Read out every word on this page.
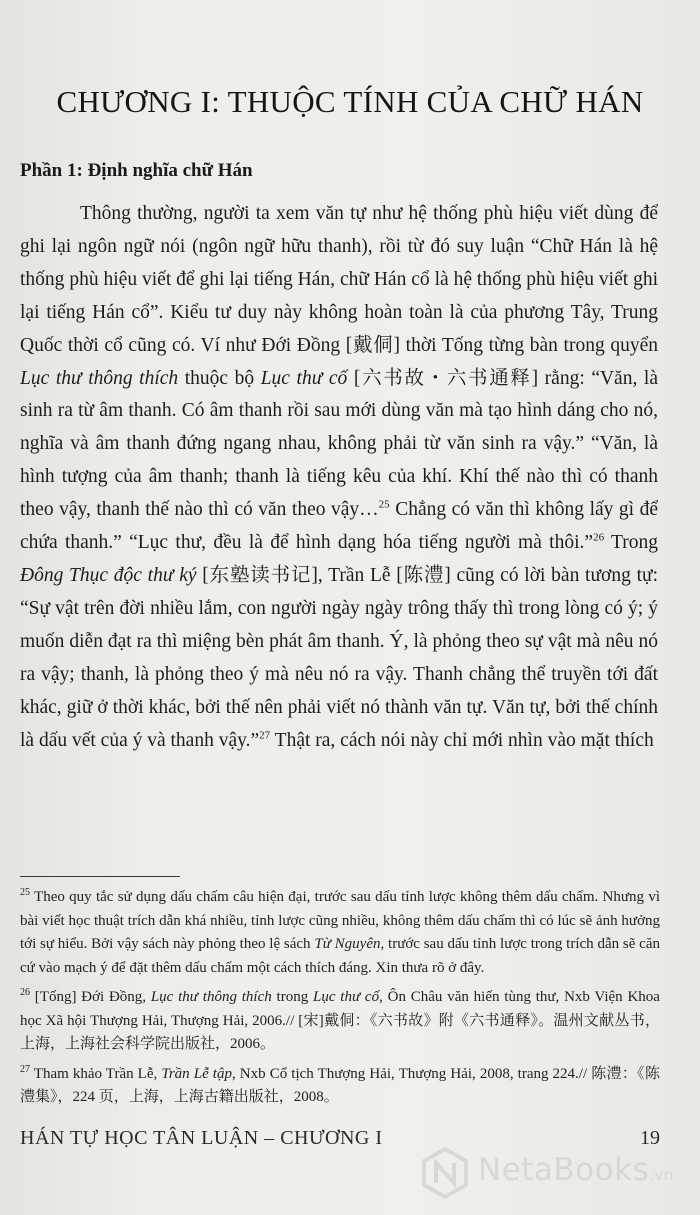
CHƯƠNG I: THUỘC TÍNH CỦA CHỮ HÁN
Phần 1: Định nghĩa chữ Hán

Thông thường, người ta xem văn tự như hệ thống phù hiệu viết dùng để ghi lại ngôn ngữ nói (ngôn ngữ hữu thanh), rồi từ đó suy luận “Chữ Hán là hệ thống phù hiệu viết để ghi lại tiếng Hán, chữ Hán cổ là hệ thống phù hiệu viết ghi lại tiếng Hán cổ”. Kiểu tư duy này không hoàn toàn là của phương Tây, Trung Quốc thời cổ cũng có. Ví như Đới Đồng [戴侗] thời Tống từng bàn trong quyển Lục thư thông thích thuộc bộ Lục thư cố [六书故・六书通释] rằng: “Văn, là sinh ra từ âm thanh. Có âm thanh rồi sau mới dùng văn mà tạo hình dáng cho nó, nghĩa và âm thanh đứng ngang nhau, không phải từ văn sinh ra vậy.” “Văn, là hình tượng của âm thanh; thanh là tiếng kêu của khí. Khí thế nào thì có thanh theo vậy, thanh thế nào thì có văn theo vậy…$^{25}$ Chẳng có văn thì không lấy gì để chứa thanh.” “Lục thư, đều là để hình dạng hóa tiếng người mà thôi.”$^{26}$ Trong Đông Thục độc thư ký [东塾读书记], Trần Lễ [陈澧] cũng có lời bàn tương tự: “Sự vật trên đời nhiều lắm, con người ngày ngày trông thấy thì trong lòng có ý; ý muốn diễn đạt ra thì miệng bèn phát âm thanh. Ý, là phỏng theo sự vật mà nêu nó ra vậy; thanh, là phỏng theo ý mà nêu nó ra vậy. Thanh chẳng thể truyền tới đất khác, giữ ở thời khác, bởi thế nên phải viết nó thành văn tự. Văn tự, bởi thế chính là dấu vết của ý và thanh vậy.”$^{27}$ Thật ra, cách nói này chỉ mới nhìn vào mặt thích

$^{25}$ Theo quy tắc sử dụng dấu chấm câu hiện đại, trước sau dấu tỉnh lược không thêm dấu chấm. Nhưng vì bài viết học thuật trích dẫn khá nhiều, tỉnh lược cũng nhiều, không thêm dấu chấm thì có lúc sẽ ảnh hưởng tới sự hiểu. Bởi vậy sách này phỏng theo lệ sách Từ Nguyên, trước sau dấu tỉnh lược trong trích dẫn sẽ căn cứ vào mạch ý để đặt thêm dấu chấm một cách thích đáng. Xin thưa rõ ở đây.

$^{26}$ [Tống] Đới Đồng, Lục thư thông thích trong Lục thư cố, Ôn Châu văn hiến tùng thư, Nxb Viện Khoa học Xã hội Thượng Hải, Thượng Hải, 2006.// [宋]戴侗：《六书故》附《六书通释》。温州文献丛书，上海，上海社会科学院出版社，2006。

$^{27}$ Tham khảo Trần Lễ, Trần Lễ tập, Nxb Cổ tịch Thượng Hải, Thượng Hải, 2008, trang 224.// 陈澧：《陈澧集》，224 页，上海，上海古籍出版社，2008。

HÁN TỰ HỌC TÂN LUẬN – CHƯƠNG I	19
NetaBooks.vn
